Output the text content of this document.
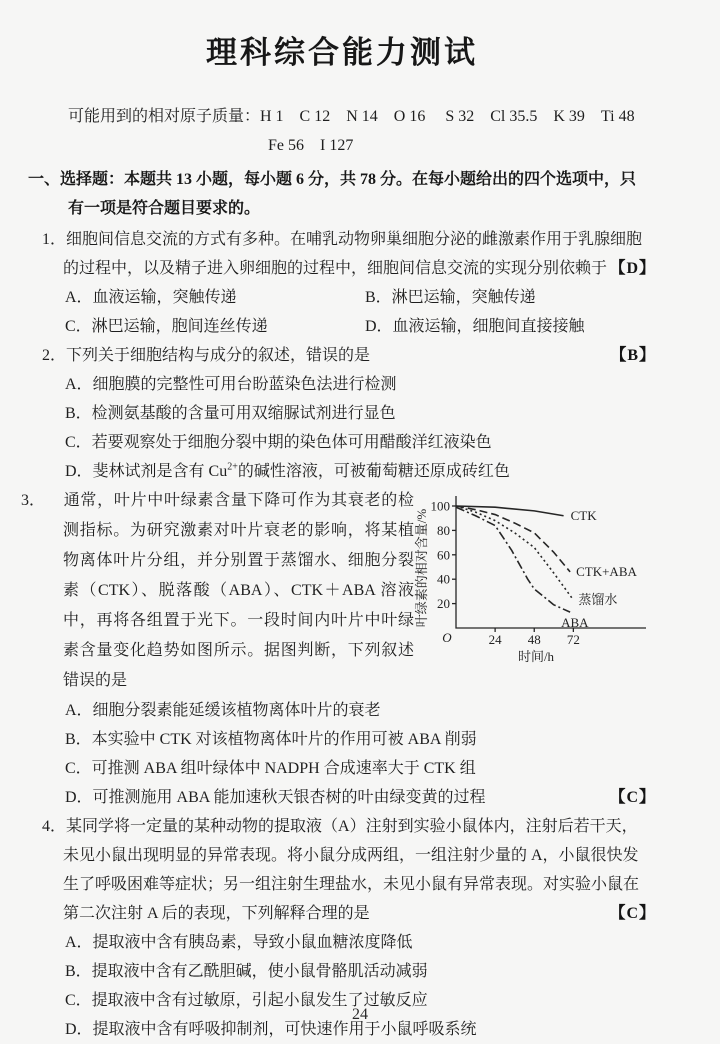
理科综合能力测试
可能用到的相对原子质量：H 1　C 12　N 14　O 16　 S 32　Cl 35.5　K 39　Ti 48
Fe 56　I 127
一、选择题：本题共 13 小题，每小题 6 分，共 78 分。在每小题给出的四个选项中，只
有一项是符合题目要求的。
1．细胞间信息交流的方式有多种。在哺乳动物卵巢细胞分泌的雌激素作用于乳腺细胞
的过程中，以及精子进入卵细胞的过程中，细胞间信息交流的实现分别依赖于 【D】
A．血液运输，突触传递	B．淋巴运输，突触传递
C．淋巴运输，胞间连丝传递	D．血液运输，细胞间直接接触
2．下列关于细胞结构与成分的叙述，错误的是	【B】
A．细胞膜的完整性可用台盼蓝染色法进行检测
B．检测氨基酸的含量可用双缩脲试剂进行显色
C．若要观察处于细胞分裂中期的染色体可用醋酸洋红液染色
D．斐林试剂是含有 $Cu^{2+}$的碱性溶液，可被葡萄糖还原成砖红色
3． 通常，叶片中叶绿素含量下降可作为其衰老的检测指标。为研究激素对叶片衰老的影响，将某植物离体叶片分组，并分别置于蒸馏水、细胞分裂素（CTK）、脱落酸（ABA）、CTK＋ABA 溶液中，再将各组置于光下。一段时间内叶片中叶绿素含量变化趋势如图所示。据图判断，下列叙述错误的是
20
40
60
80
100
24 48 72
O
时间/h
叶绿素的相对含量/%	CTK
CTK+ABA
蒸馏水
ABA
A．细胞分裂素能延缓该植物离体叶片的衰老
B．本实验中 CTK 对该植物离体叶片的作用可被 ABA 削弱
C．可推测 ABA 组叶绿体中 NADPH 合成速率大于 CTK 组
D．可推测施用 ABA 能加速秋天银杏树的叶由绿变黄的过程	【C】
4．某同学将一定量的某种动物的提取液（A）注射到实验小鼠体内，注射后若干天，
未见小鼠出现明显的异常表现。将小鼠分成两组，一组注射少量的 A，小鼠很快发
生了呼吸困难等症状；另一组注射生理盐水，未见小鼠有异常表现。对实验小鼠在
第二次注射 A 后的表现，下列解释合理的是	【C】
A．提取液中含有胰岛素，导致小鼠血糖浓度降低
B．提取液中含有乙酰胆碱，使小鼠骨骼肌活动减弱
C．提取液中含有过敏原，引起小鼠发生了过敏反应
D．提取液中含有呼吸抑制剂，可快速作用于小鼠呼吸系统
24
